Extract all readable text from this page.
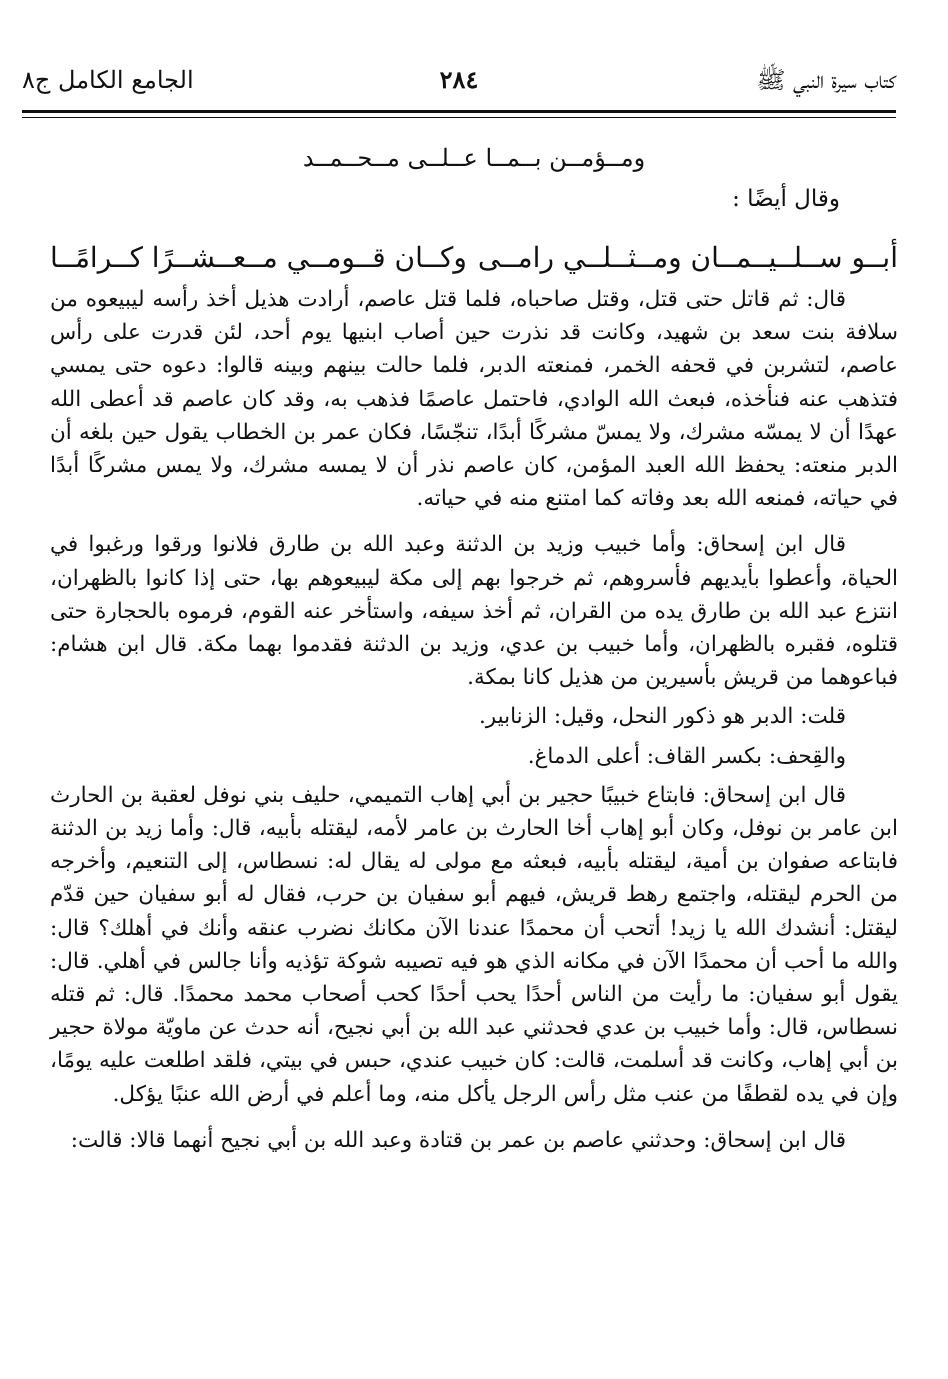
كتاب سيرة النبي ﷺ
٢٨٤
الجامع الكامل ج٨
ومــؤمــن بــمــا عــلــى مــحــمــد
وقال أيضًا :
أبــو ســلــيــمــان ومــثــلــي رامــى
وكــان قــومــي مــعــشــرًا كــرامًــا

قال: ثم قاتل حتى قتل، وقتل صاحباه، فلما قتل عاصم، أرادت هذيل أخذ رأسه ليبيعوه من سلافة بنت سعد بن شهيد، وكانت قد نذرت حين أصاب ابنيها يوم أحد، لئن قدرت على رأس عاصم، لتشربن في قحفه الخمر، فمنعته الدبر، فلما حالت بينهم وبينه قالوا: دعوه حتى يمسي فتذهب عنه فنأخذه، فبعث الله الوادي، فاحتمل عاصمًا فذهب به، وقد كان عاصم قد أعطى الله عهدًا أن لا يمسّه مشرك، ولا يمسّ مشركًا أبدًا، تنجّسًا، فكان عمر بن الخطاب يقول حين بلغه أن الدبر منعته: يحفظ الله العبد المؤمن، كان عاصم نذر أن لا يمسه مشرك، ولا يمس مشركًا أبدًا في حياته، فمنعه الله بعد وفاته كما امتنع منه في حياته.

قال ابن إسحاق: وأما خبيب وزيد بن الدثنة وعبد الله بن طارق فلانوا ورقوا ورغبوا في الحياة، وأعطوا بأيديهم فأسروهم، ثم خرجوا بهم إلى مكة ليبيعوهم بها، حتى إذا كانوا بالظهران، انتزع عبد الله بن طارق يده من القران، ثم أخذ سيفه، واستأخر عنه القوم، فرموه بالحجارة حتى قتلوه، فقبره بالظهران، وأما خبيب بن عدي، وزيد بن الدثنة فقدموا بهما مكة. قال ابن هشام: فباعوهما من قريش بأسيرين من هذيل كانا بمكة.

قلت: الدبر هو ذكور النحل، وقيل: الزنابير.

والقِحف: بكسر القاف: أعلى الدماغ.

قال ابن إسحاق: فابتاع خبيبًا حجير بن أبي إهاب التميمي، حليف بني نوفل لعقبة بن الحارث ابن عامر بن نوفل، وكان أبو إهاب أخا الحارث بن عامر لأمه، ليقتله بأبيه، قال: وأما زيد بن الدثنة فابتاعه صفوان بن أمية، ليقتله بأبيه، فبعثه مع مولى له يقال له: نسطاس، إلى التنعيم، وأخرجه من الحرم ليقتله، واجتمع رهط قريش، فيهم أبو سفيان بن حرب، فقال له أبو سفيان حين قدّم ليقتل: أنشدك الله يا زيد! أتحب أن محمدًا عندنا الآن مكانك نضرب عنقه وأنك في أهلك؟ قال: والله ما أحب أن محمدًا الآن في مكانه الذي هو فيه تصيبه شوكة تؤذيه وأنا جالس في أهلي. قال: يقول أبو سفيان: ما رأيت من الناس أحدًا يحب أحدًا كحب أصحاب محمد محمدًا. قال: ثم قتله نسطاس، قال: وأما خبيب بن عدي فحدثني عبد الله بن أبي نجيح، أنه حدث عن ماويّة مولاة حجير بن أبي إهاب، وكانت قد أسلمت، قالت: كان خبيب عندي، حبس في بيتي، فلقد اطلعت عليه يومًا، وإن في يده لقطفًا من عنب مثل رأس الرجل يأكل منه، وما أعلم في أرض الله عنبًا يؤكل.

قال ابن إسحاق: وحدثني عاصم بن عمر بن قتادة وعبد الله بن أبي نجيح أنهما قالا: قالت:
